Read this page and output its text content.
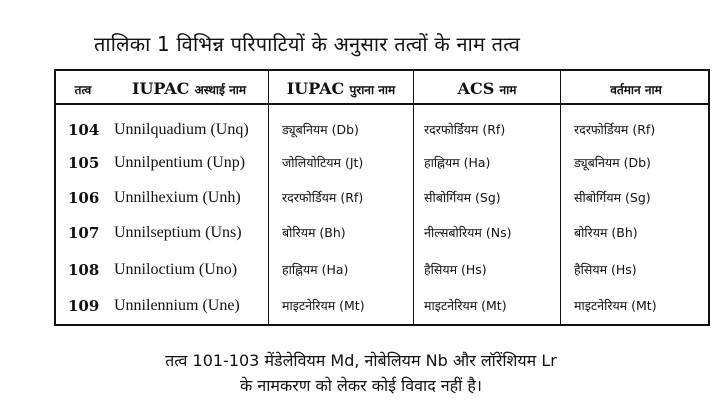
तालिका 1 विभिन्न परिपाटियों के अनुसार तत्वों के नाम तत्व
तत्व	IUPAC अस्थाई नाम	IUPAC पुराना नाम	ACS नाम	वर्तमान नाम
104 Unnilquadium (Unq)	ड्यूबनियम (Db)	रदरफोर्डियम (Rf)	रदरफोर्डियम (Rf)
105 Unnilpentium (Unp)	जोलियोटियम (Jt)	हाह्नियम (Ha)	ड्यूबनियम (Db)
106 Unnilhexium (Unh)	रदरफोर्डियम (Rf)	सीबोर्गियम (Sg)	सीबोर्गियम (Sg)
107 Unnilseptium (Uns)	बोरियम (Bh)	नील्सबोरियम (Ns)	बोरियम (Bh)
108 Unniloctium (Uno)	हाह्नियम (Ha)	हैसियम (Hs)	हैसियम (Hs)
109 Unnilennium (Une)	माइटनेरियम (Mt)	माइटनेरियम (Mt)	माइटनेरियम (Mt)
तत्व 101-103 मेंडेलेवियम Md, नोबेलियम Nb और लॉरेंशियम Lr
के नामकरण को लेकर कोई विवाद नहीं है।
